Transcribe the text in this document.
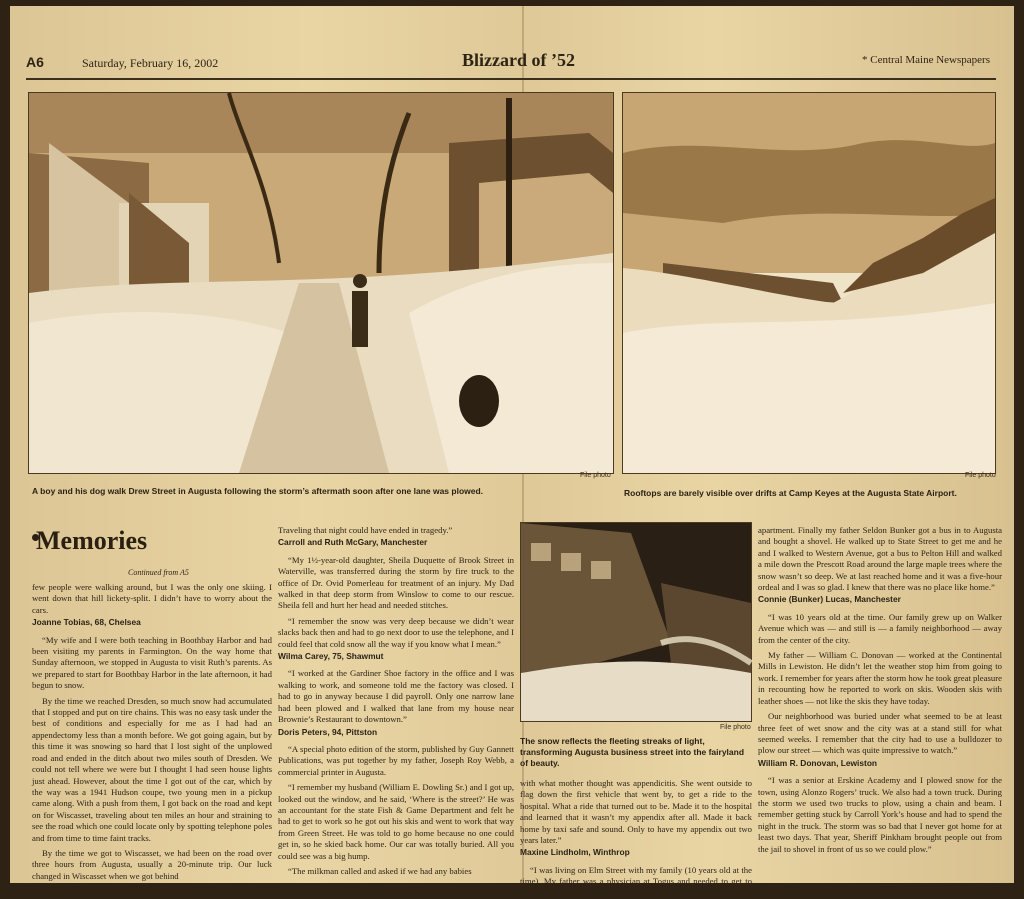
A6	Saturday, February 16, 2002	Blizzard of ’52	* Central Maine Newspapers
File photo
A boy and his dog walk Drew Street in Augusta following the storm’s aftermath soon after one lane was plowed.
File photo
Rooftops are barely visible over drifts at Camp Keyes at the Augusta State Airport.
File photo
The snow reflects the fleeting streaks of light, transforming Augusta business street into the fairyland of beauty.
Memories
Continued from A5

few people were walking around, but I was the only one skiing. I went down that hill lickety-split. I didn’t have to worry about the cars.

Joanne Tobias, 68, Chelsea

“My wife and I were both teaching in Boothbay Harbor and had been visiting my parents in Farmington. On the way home that Sunday afternoon, we stopped in Augusta to visit Ruth’s parents. As we prepared to start for Boothbay Harbor in the late afternoon, it had begun to snow.

By the time we reached Dresden, so much snow had accumulated that I stopped and put on tire chains. This was no easy task under the best of conditions and especially for me as I had had an appendectomy less than a month before. We got going again, but by this time it was snowing so hard that I lost sight of the unplowed road and ended in the ditch about two miles south of Dresden. We could not tell where we were but I thought I had seen house lights just ahead. However, about the time I got out of the car, which by the way was a 1941 Hudson coupe, two young men in a pickup came along. With a push from them, I got back on the road and kept on for Wiscasset, traveling about ten miles an hour and straining to see the road which one could locate only by spotting telephone poles and from time to time faint tracks.

By the time we got to Wiscasset, we had been on the road over three hours from Augusta, usually a 20-minute trip. Our luck changed in Wiscasset when we got behind

Traveling that night could have ended in tragedy.”

Carroll and Ruth McGary, Manchester

“My 1½-year-old daughter, Sheila Duquette of Brook Street in Waterville, was transferred during the storm by fire truck to the office of Dr. Ovid Pomerleau for treatment of an injury. My Dad walked in that deep storm from Winslow to come to our rescue. Sheila fell and hurt her head and needed stitches.

“I remember the snow was very deep because we didn’t wear slacks back then and had to go next door to use the telephone, and I could feel that cold snow all the way if you know what I mean.”

Wilma Carey, 75, Shawmut

“I worked at the Gardiner Shoe factory in the office and I was walking to work, and someone told me the factory was closed. I had to go in anyway because I did payroll. Only one narrow lane had been plowed and I walked that lane from my house near Brownie’s Restaurant to downtown.”

Doris Peters, 94, Pittston

“A special photo edition of the storm, published by Guy Gannett Publications, was put together by my father, Joseph Roy Webb, a commercial printer in Augusta.

“I remember my husband (William E. Dowling Sr.) and I got up, looked out the window, and he said, ‘Where is the street?’ He was an accountant for the state Fish & Game Department and felt he had to get to work so he got out his skis and went to work that way from Green Street. He was told to go home because no one could get in, so he skied back home. Our car was totally buried. All you could see was a big hump.

“The milkman called and asked if we had any babies

with what mother thought was appendicitis. She went outside to flag down the first vehicle that went by, to get a ride to the hospital. What a ride that turned out to be. Made it to the hospital and learned that it wasn’t my appendix after all. Made it back home by taxi safe and sound. Only to have my appendix out two years later.”

Maxine Lindholm, Winthrop

“I was living on Elm Street with my family (10 years old at the time). My father was a physician at Togus and needed to get to work. However, the side streets didn’t

apartment. Finally my father Seldon Bunker got a bus in to Augusta and bought a shovel. He walked up to State Street to get me and he and I walked to Western Avenue, got a bus to Pelton Hill and walked a mile down the Prescott Road around the large maple trees where the snow wasn’t so deep. We at last reached home and it was a five-hour ordeal and I was so glad. I knew that there was no place like home.”

Connie (Bunker) Lucas, Manchester

“I was 10 years old at the time. Our family grew up on Walker Avenue which was — and still is — a family neighborhood — away from the center of the city.

My father — William C. Donovan — worked at the Continental Mills in Lewiston. He didn’t let the weather stop him from going to work. I remember for years after the storm how he took great pleasure in recounting how he reported to work on skis. Wooden skis with leather shoes — not like the skis they have today.

Our neighborhood was buried under what seemed to be at least three feet of wet snow and the city was at a stand still for what seemed weeks. I remember that the city had to use a bulldozer to plow our street — which was quite impressive to watch.”

William R. Donovan, Lewiston

“I was a senior at Erskine Academy and I plowed snow for the town, using Alonzo Rogers’ truck. We also had a town truck. During the storm we used two trucks to plow, using a chain and beam. I remember getting stuck by Carroll York’s house and had to spend the night in the truck. The storm was so bad that I never got home for at least two days. That year, Sheriff Pinkham brought people out from the jail to shovel in front of us so we could plow.”
